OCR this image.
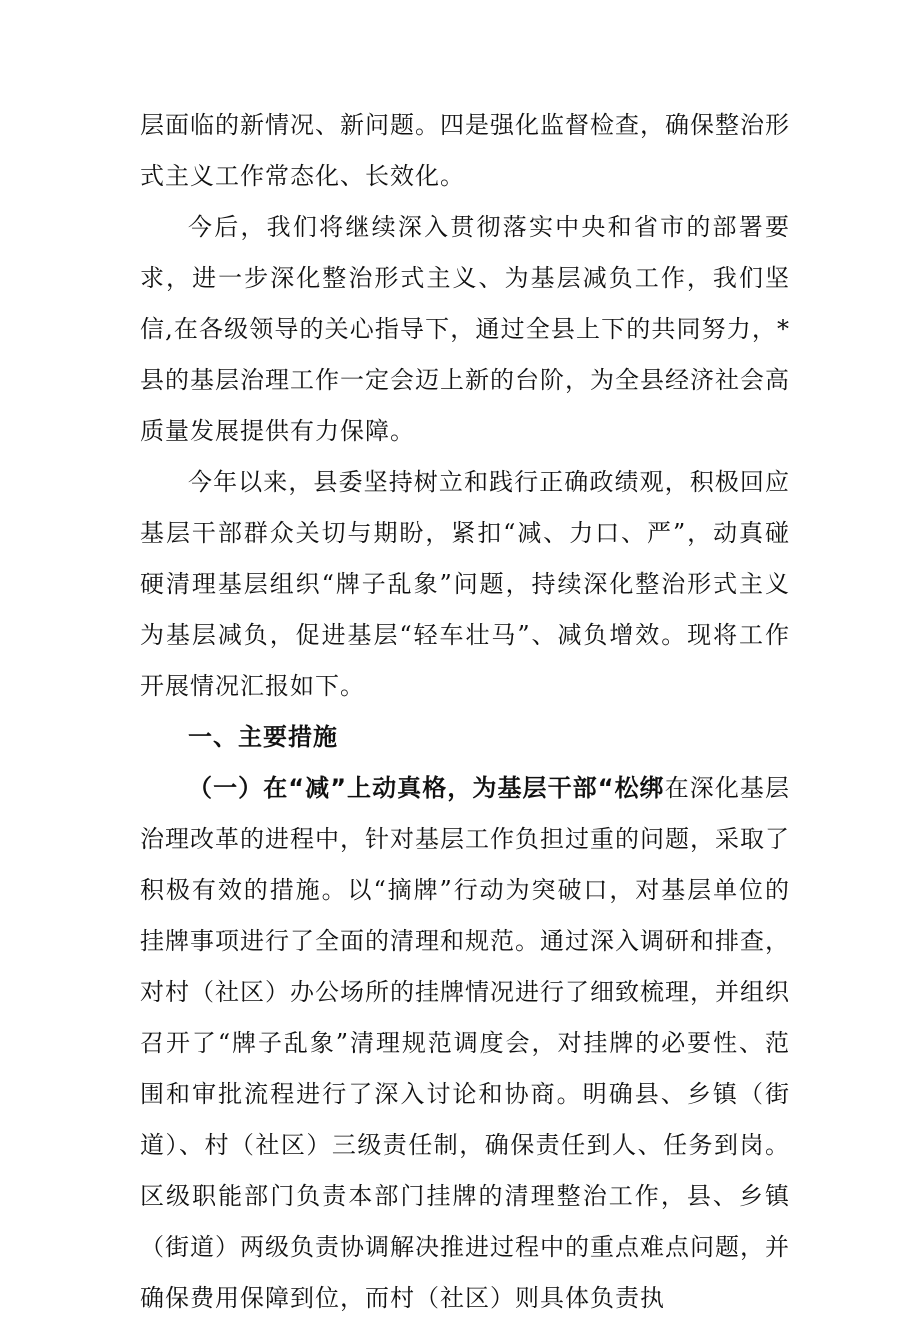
层面临的新情况、新问题。四是强化监督检查，确保整治形式主义工作常态化、长效化。

今后，我们将继续深入贯彻落实中央和省市的部署要求，进一步深化整治形式主义、为基层减负工作，我们坚信,在各级领导的关心指导下，通过全县上下的共同努力，*县的基层治理工作一定会迈上新的台阶，为全县经济社会高质量发展提供有力保障。

今年以来，县委坚持树立和践行正确政绩观，积极回应基层干部群众关切与期盼，紧扣“减、力口、严”，动真碰硬清理基层组织“牌子乱象”问题，持续深化整治形式主义为基层减负，促进基层“轻车壮马”、减负增效。现将工作开展情况汇报如下。

一、主要措施

（一）在“减”上动真格，为基层干部“松绑在深化基层治理改革的进程中，针对基层工作负担过重的问题，采取了积极有效的措施。以“摘牌”行动为突破口，对基层单位的挂牌事项进行了全面的清理和规范。通过深入调研和排查，对村（社区）办公场所的挂牌情况进行了细致梳理，并组织召开了“牌子乱象”清理规范调度会，对挂牌的必要性、范围和审批流程进行了深入讨论和协商。明确县、乡镇（街道）、村（社区）三级责任制，确保责任到人、任务到岗。区级职能部门负责本部门挂牌的清理整治工作，县、乡镇（街道）两级负责协调解决推进过程中的重点难点问题，并确保费用保障到位，而村（社区）则具体负责执
